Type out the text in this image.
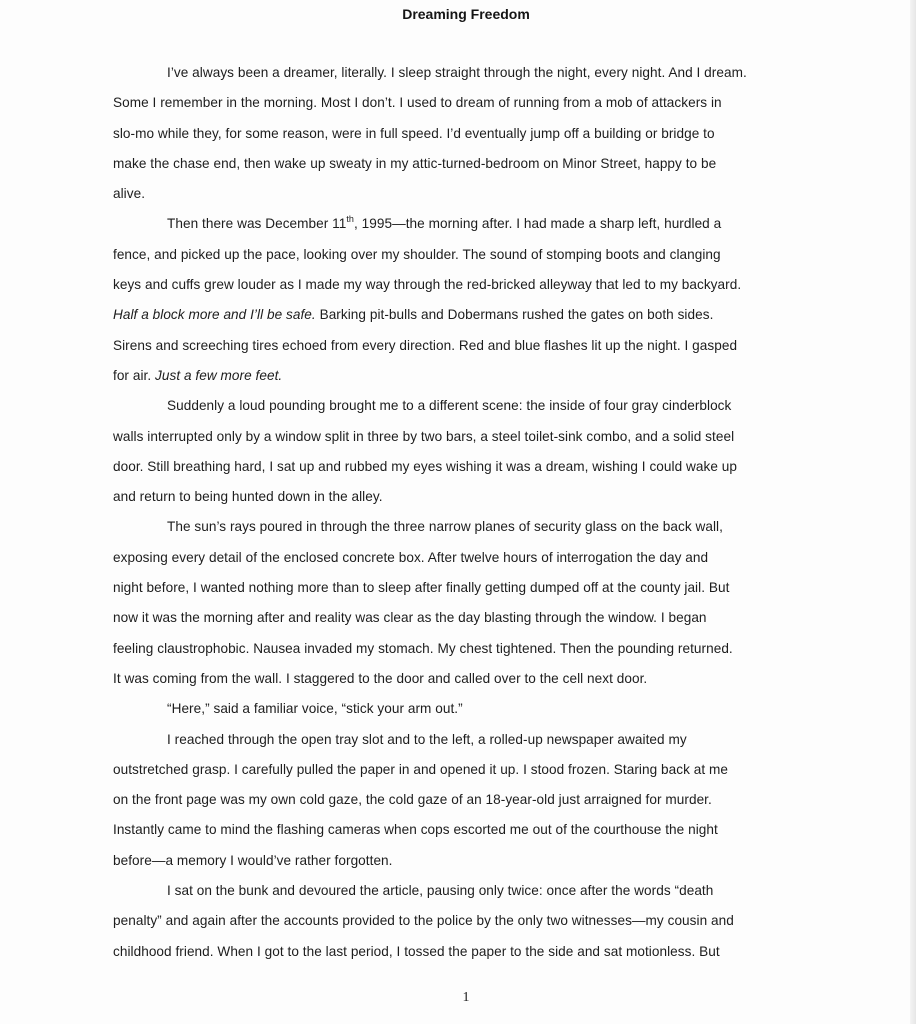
Dreaming Freedom
I’ve always been a dreamer, literally. I sleep straight through the night, every night. And I dream.
Some I remember in the morning. Most I don’t. I used to dream of running from a mob of attackers in
slo-mo while they, for some reason, were in full speed. I’d eventually jump off a building or bridge to
make the chase end, then wake up sweaty in my attic-turned-bedroom on Minor Street, happy to be
alive.
Then there was December 11th, 1995—the morning after. I had made a sharp left, hurdled a
fence, and picked up the pace, looking over my shoulder. The sound of stomping boots and clanging
keys and cuffs grew louder as I made my way through the red-bricked alleyway that led to my backyard.
Half a block more and I’ll be safe. Barking pit-bulls and Dobermans rushed the gates on both sides.
Sirens and screeching tires echoed from every direction. Red and blue flashes lit up the night. I gasped
for air. Just a few more feet.
Suddenly a loud pounding brought me to a different scene: the inside of four gray cinderblock
walls interrupted only by a window split in three by two bars, a steel toilet-sink combo, and a solid steel
door. Still breathing hard, I sat up and rubbed my eyes wishing it was a dream, wishing I could wake up
and return to being hunted down in the alley.
The sun’s rays poured in through the three narrow planes of security glass on the back wall,
exposing every detail of the enclosed concrete box. After twelve hours of interrogation the day and
night before, I wanted nothing more than to sleep after finally getting dumped off at the county jail. But
now it was the morning after and reality was clear as the day blasting through the window. I began
feeling claustrophobic. Nausea invaded my stomach. My chest tightened. Then the pounding returned.
It was coming from the wall. I staggered to the door and called over to the cell next door.
“Here,” said a familiar voice, “stick your arm out.”
I reached through the open tray slot and to the left, a rolled-up newspaper awaited my
outstretched grasp. I carefully pulled the paper in and opened it up. I stood frozen. Staring back at me
on the front page was my own cold gaze, the cold gaze of an 18-year-old just arraigned for murder.
Instantly came to mind the flashing cameras when cops escorted me out of the courthouse the night
before—a memory I would’ve rather forgotten.
I sat on the bunk and devoured the article, pausing only twice: once after the words “death
penalty” and again after the accounts provided to the police by the only two witnesses—my cousin and
childhood friend. When I got to the last period, I tossed the paper to the side and sat motionless. But
1
